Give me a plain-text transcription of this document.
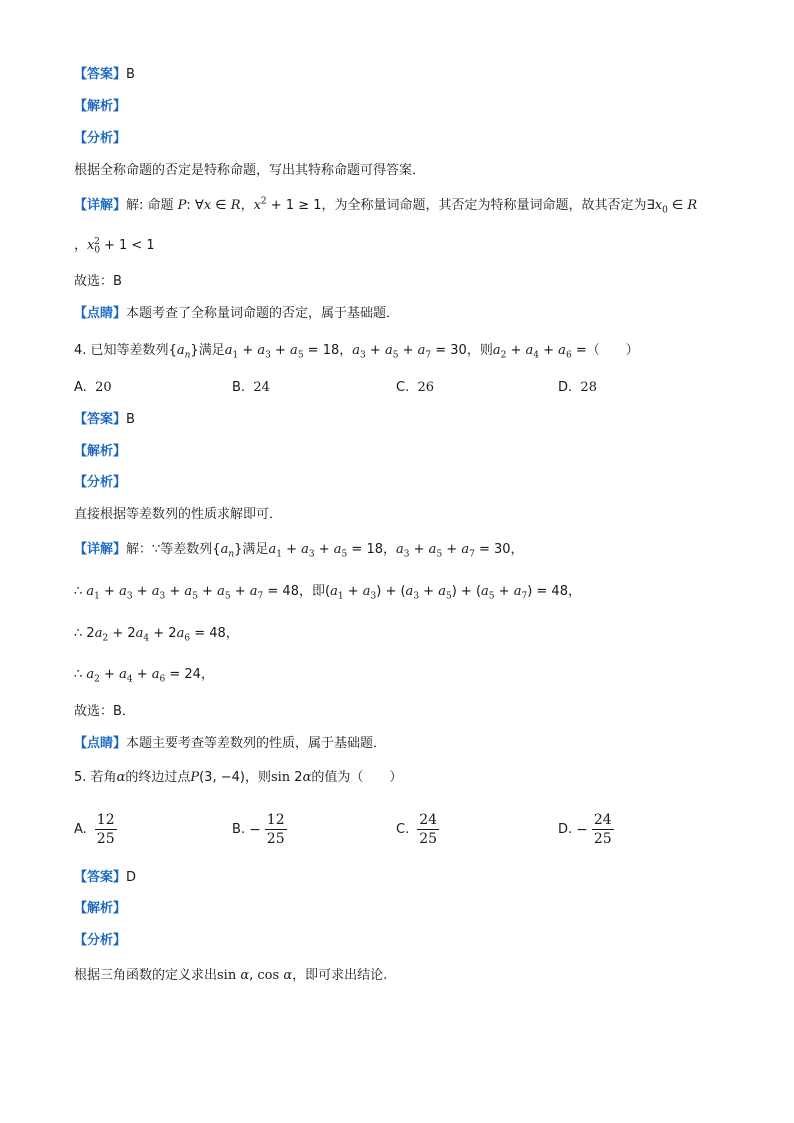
【答案】B
【解析】
【分析】
根据全称命题的否定是特称命题，写出其特称命题可得答案．
【详解】解: 命题 P: ∀x ∈ R，$x^2 + 1 \ge 1$，为全称量词命题，其否定为特称量词命题，故其否定为$\exists x_0$ ∈ R
，$x_0^2 + 1 < 1$
故选：B
【点睛】本题考查了全称量词命题的否定，属于基础题．
4. 已知等差数列$\{a_n\}$满足$a_1 + a_3 + a_5 = 18$，$a_3 + a_5 + a_7 = 30$，则$a_2 + a_4 + a_6$ =（　　）
A. 20	B. 24	C. 26	D. 28
【答案】B
【解析】
【分析】
直接根据等差数列的性质求解即可．
【详解】解：∵等差数列$\{a_n\}$满足$a_1 + a_3 + a_5 = 18$，$a_3 + a_5 + a_7 = 30$，
∴ $a_1 + a_3 + a_3 + a_5 + a_5 + a_7 = 48$，即$(a_1 + a_3) + (a_3 + a_5) + (a_5 + a_7) = 48$，
∴ $2a_2 + 2a_4 + 2a_6 = 48$，
∴ $a_2 + a_4 + a_6 = 24$，
故选：B．
【点睛】本题主要考查等差数列的性质，属于基础题．
5. 若角α的终边过点P(3, −4)，则sin 2α的值为（　　）
A. $\frac{12}{25}$	B. − $\frac{12}{25}$	C. $\frac{24}{25}$	D. − $\frac{24}{25}$
【答案】D
【解析】
【分析】
根据三角函数的定义求出sin α, cos α，即可求出结论.
